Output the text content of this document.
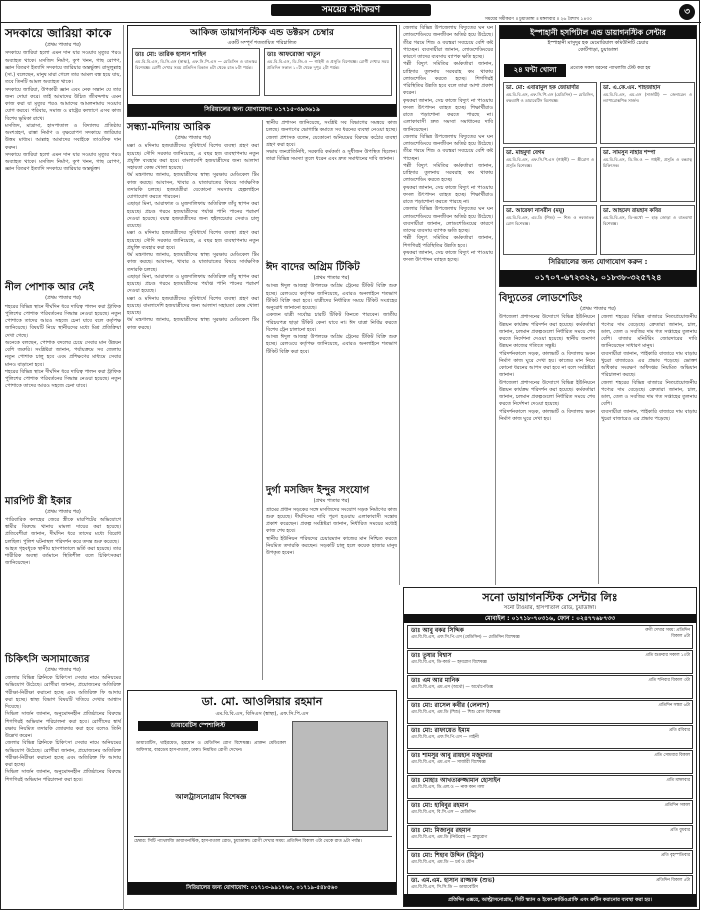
সময়ের সমীকরণ
সময়ের সমীকরণ ॥ চুয়াডাঙ্গা ॥ মঙ্গলবার ॥ ২৬ বৈশাখ ১৪৩০
৩
সদকায়ে জারিয়া কাকে
(প্রথম পাতার পর)
সদকায়ে জারিয়া হলো এমন দান যার সওয়াব মৃত্যুর পরও অব্যাহত থাকে। মসজিদ নির্মাণ, কূপ খনন, গাছ রোপণ, জ্ঞান বিতরণ ইত্যাদি সদকায়ে জারিয়ার অন্তর্ভুক্ত। রাসুলুল্লাহ (সা.) বলেছেন, মানুষ মারা গেলে তার আমল বন্ধ হয়ে যায়, তবে তিনটি আমল অব্যাহত থাকে।
সদকায়ে জারিয়া, উপকারী জ্ঞান এবং নেক সন্তান যে তার জন্য দোয়া করে। তাই আমাদের উচিত জীবদ্দশায় এমন কাজ করা যা মৃত্যুর পরও আমাদের আমলনামায় সওয়াব যোগ করবে। পরিবার, সমাজ ও রাষ্ট্রের কল্যাণে এসব কাজ বিশেষ ভূমিকা রাখে।
মসজিদ, মাদ্রাসা, হাসপাতাল ও বিদ্যালয় প্রতিষ্ঠায় অংশগ্রহণ, রাস্তা নির্মাণ ও বৃক্ষরোপণ সদকায়ে জারিয়ার উত্তম মাধ্যম। আল্লাহ আমাদের সবাইকে তাওফিক দান করুন।
সদকায়ে জারিয়া হলো এমন দান যার সওয়াব মৃত্যুর পরও অব্যাহত থাকে। মসজিদ নির্মাণ, কূপ খনন, গাছ রোপণ, জ্ঞান বিতরণ ইত্যাদি সদকায়ে জারিয়ার অন্তর্ভুক্ত।
নীল পোশাক আর নেই
(প্রথম পাতার পর)
শহরের বিভিন্ন স্থানে দীর্ঘদিন ধরে দায়িত্ব পালন করা ট্রাফিক পুলিশের পোশাক পরিবর্তনের সিদ্ধান্ত নেওয়া হয়েছে। নতুন পোশাকে তাদের আরও সহজে চেনা যাবে বলে কর্তৃপক্ষ জানিয়েছে। বিষয়টি নিয়ে স্থানীয়দের মধ্যে মিশ্র প্রতিক্রিয়া দেখা গেছে।
অনেকে বলছেন, পোশাক বদলের চেয়ে সেবার মান উন্নয়ন বেশি জরুরি। সংশ্লিষ্টরা জানান, পর্যায়ক্রমে সব জেলায় নতুন পোশাক চালু হবে এবং প্রশিক্ষণের মাধ্যমে সেবার মানও বাড়ানো হবে।
শহরের বিভিন্ন স্থানে দীর্ঘদিন ধরে দায়িত্ব পালন করা ট্রাফিক পুলিশের পোশাক পরিবর্তনের সিদ্ধান্ত নেওয়া হয়েছে। নতুন পোশাকে তাদের আরও সহজে চেনা যাবে।
মারপিট স্ত্রী ইকার
(প্রথম পাতার পর)
পারিবারিক কলহের জেরে স্ত্রীকে মারপিটের অভিযোগে স্বামীর বিরুদ্ধে থানায় মামলা দায়ের করা হয়েছে। প্রতিবেশীরা জানান, দীর্ঘদিন ধরে তাদের মধ্যে বিরোধ চলছিল। পুলিশ ঘটনাস্থল পরিদর্শন করে তদন্ত শুরু করেছে।
আহত গৃহবধূকে স্থানীয় হাসপাতালে ভর্তি করা হয়েছে। তার শারীরিক অবস্থা বর্তমানে স্থিতিশীল বলে চিকিৎসকরা জানিয়েছেন।
চিকিৎসি অসামাজ্যের
(প্রথম পাতার পর)
জেলার বিভিন্ন ক্লিনিকে চিকিৎসা সেবার নামে অনিয়মের অভিযোগ উঠেছে। রোগীরা জানান, প্রয়োজনের অতিরিক্ত পরীক্ষা-নিরীক্ষা করানো হচ্ছে এবং অতিরিক্ত ফি আদায় করা হচ্ছে। স্বাস্থ্য বিভাগ বিষয়টি খতিয়ে দেখার আশ্বাস দিয়েছে।
সিভিল সার্জন জানান, অনুমোদনহীন প্রতিষ্ঠানের বিরুদ্ধে শিগগিরই অভিযান পরিচালনা করা হবে। রোগীদের স্বার্থ রক্ষায় নিয়মিত তদারকি জোরদার করা হবে বলেও তিনি উল্লেখ করেন।
জেলার বিভিন্ন ক্লিনিকে চিকিৎসা সেবার নামে অনিয়মের অভিযোগ উঠেছে। রোগীরা জানান, প্রয়োজনের অতিরিক্ত পরীক্ষা-নিরীক্ষা করানো হচ্ছে এবং অতিরিক্ত ফি আদায় করা হচ্ছে।
সিভিল সার্জন জানান, অনুমোদনহীন প্রতিষ্ঠানের বিরুদ্ধে শিগগিরই অভিযান পরিচালনা করা হবে।
আকিজ ডায়াগনস্টিক এন্ড ডক্টরস চেম্বার
একটি সম্পূর্ণ শততায়িত পরিচালিত
ডাঃ মো: তারিক হাসান শাহিন
এম.বি.বি.এস, বি.সি.এস (স্বাস্থ্য), এফ.সি.পি.এস — মেডিসিন ও বাতজ্বর বিশেষজ্ঞ। রোগী দেখার সময় প্রতিদিন বিকাল ৪টা থেকে রাত ৮টা পর্যন্ত।
ডাঃ আফরোজা খাতুন
এম.বি.বি.এস, ডি.জি.ও — গাইনী ও প্রসূতি বিশেষজ্ঞ। রোগী দেখার সময় প্রতিদিন সকাল ১০টা থেকে দুপুর ২টা পর্যন্ত।
সিরিয়ালের জন্য যোগাযোগ: ০১৭১৫-৩৯৩৬১৯
সন্ধ্যা-মদিনায় আরিক
(প্রথম পাতার পর)
মক্কা ও মদিনায় হজযাত্রীদের সুবিধার্থে বিশেষ ব্যবস্থা গ্রহণ করা হয়েছে। সৌদি সরকার জানিয়েছে, এ বছর হজ ব্যবস্থাপনায় নতুন প্রযুক্তি ব্যবহার করা হবে। বাংলাদেশি হজযাত্রীদের জন্য আলাদা সহায়তা কেন্দ্র খোলা হয়েছে।
ধর্ম মন্ত্রণালয় জানায়, হজযাত্রীদের স্বাস্থ্য সুরক্ষায় মেডিকেল টিম কাজ করছে। আবাসন, খাবার ও যাতায়াতের বিষয়ে সার্বক্ষণিক তদারকি চলছে। হজযাত্রীরা যেকোনো সমস্যায় হেল্পলাইনে যোগাযোগ করতে পারবেন।
এছাড়া মিনা, আরাফাত ও মুজদালিফায় অতিরিক্ত তাঁবু স্থাপন করা হয়েছে। প্রচণ্ড গরমে হজযাত্রীদের পর্যাপ্ত পানি পানের পরামর্শ দেওয়া হয়েছে। বয়স্ক হজযাত্রীদের জন্য হুইলচেয়ার সেবাও চালু রয়েছে।
মক্কা ও মদিনায় হজযাত্রীদের সুবিধার্থে বিশেষ ব্যবস্থা গ্রহণ করা হয়েছে। সৌদি সরকার জানিয়েছে, এ বছর হজ ব্যবস্থাপনায় নতুন প্রযুক্তি ব্যবহার করা হবে।
ধর্ম মন্ত্রণালয় জানায়, হজযাত্রীদের স্বাস্থ্য সুরক্ষায় মেডিকেল টিম কাজ করছে। আবাসন, খাবার ও যাতায়াতের বিষয়ে সার্বক্ষণিক তদারকি চলছে।
এছাড়া মিনা, আরাফাত ও মুজদালিফায় অতিরিক্ত তাঁবু স্থাপন করা হয়েছে। প্রচণ্ড গরমে হজযাত্রীদের পর্যাপ্ত পানি পানের পরামর্শ দেওয়া হয়েছে।
মক্কা ও মদিনায় হজযাত্রীদের সুবিধার্থে বিশেষ ব্যবস্থা গ্রহণ করা হয়েছে। বাংলাদেশি হজযাত্রীদের জন্য আলাদা সহায়তা কেন্দ্র খোলা হয়েছে।
ধর্ম মন্ত্রণালয় জানায়, হজযাত্রীদের স্বাস্থ্য সুরক্ষায় মেডিকেল টিম কাজ করছে।
স্থানীয় প্রশাসন জানিয়েছে, সংশ্লিষ্ট সব বিভাগের সমন্বয়ে কাজ চলছে। জনগণের ভোগান্তি কমাতে সব ধরনের ব্যবস্থা নেওয়া হচ্ছে। জেলা প্রশাসক বলেন, যেকোনো অনিয়মের বিরুদ্ধে কঠোর ব্যবস্থা গ্রহণ করা হবে।
সভায় জনপ্রতিনিধি, সরকারি কর্মকর্তা ও সুধীজন উপস্থিত ছিলেন। তারা বিভিন্ন সমস্যা তুলে ধরেন এবং দ্রুত সমাধানের দাবি জানান।
ঈদ বাদের অগ্রিম টিকিট
(প্রথম পাতার পর)
আসন্ন ঈদুল আজহা উপলক্ষে অগ্রিম ট্রেনের টিকিট বিক্রি শুরু হচ্ছে। রেলওয়ে কর্তৃপক্ষ জানিয়েছে, এবারও অনলাইনে শতভাগ টিকিট বিক্রি করা হবে। যাত্রীদের নির্ধারিত সময়ে টিকিট সংগ্রহের অনুরোধ জানানো হয়েছে।
একজন যাত্রী সর্বোচ্চ চারটি টিকিট কিনতে পারবেন। জাতীয় পরিচয়পত্র ছাড়া টিকিট কেনা যাবে না। ঈদ যাত্রা নির্বিঘ্ন করতে বিশেষ ট্রেন চালানো হবে।
আসন্ন ঈদুল আজহা উপলক্ষে অগ্রিম ট্রেনের টিকিট বিক্রি শুরু হচ্ছে। রেলওয়ে কর্তৃপক্ষ জানিয়েছে, এবারও অনলাইনে শতভাগ টিকিট বিক্রি করা হবে।
দুর্গা মসজিদ ইন্দুর সংযোগ
(প্রথম পাতার পর)
গ্রামের প্রধান সড়কের সঙ্গে মসজিদের সংযোগ সড়ক নির্মাণের কাজ শুরু হয়েছে। দীর্ঘদিনের দাবি পূরণ হওয়ায় এলাকাবাসী সন্তোষ প্রকাশ করেছেন। প্রকল্প সংশ্লিষ্টরা জানান, নির্ধারিত সময়ের মধ্যেই কাজ শেষ হবে।
স্থানীয় ইউনিয়ন পরিষদের চেয়ারম্যান কাজের মান নিশ্চিত করতে নিয়মিত তদারকি করছেন। সড়কটি চালু হলে কয়েক হাজার মানুষ উপকৃত হবেন।
ডা. মো. আওলিয়ার রহমান
এম.বি.বি.এস, বিসিএস (স্বাস্থ্য), এফ.সি.পি.এস
ডায়াবেটিস স্পেশালিস্ট
ডায়াবেটিস, থাইরয়েড, হরমোন ও মেডিসিন রোগ বিশেষজ্ঞ। প্রাক্তন মেডিকেল অফিসার, বারডেম হাসপাতাল, ঢাকা। নিয়মিত রোগী দেখেন।
আলট্রাসনোগ্রাম বিশেষজ্ঞ
চেম্বার: সিটি প্যাথলজি ডায়াগনস্টিক, হাসপাতাল রোড, চুয়াডাঙ্গা। রোগী দেখার সময়: প্রতিদিন বিকাল ৩টা থেকে রাত ৯টা পর্যন্ত।
সিরিয়ালের জন্য যোগাযোগ: ০১৭১৩-৯৯১৭৬৩, ০১৭১৯-৫৪৮৫৬০
জেলার বিভিন্ন উপজেলায় বিদ্যুতের ঘন ঘন লোডশেডিংয়ে জনজীবন অতিষ্ঠ হয়ে উঠেছে। তীব্র গরমে শিশু ও বয়স্করা সবচেয়ে বেশি কষ্ট পাচ্ছেন। ব্যবসায়ীরা জানান, লোডশেডিংয়ের কারণে তাদের ব্যবসায় ব্যাপক ক্ষতি হচ্ছে।
পল্লী বিদ্যুৎ সমিতির কর্মকর্তারা জানান, চাহিদার তুলনায় সরবরাহ কম থাকায় লোডশেডিং করতে হচ্ছে। শিগগিরই পরিস্থিতির উন্নতি হবে বলে তারা আশা প্রকাশ করেন।
কৃষকরা জানান, সেচ কাজে বিদ্যুৎ না পাওয়ায় ফসল উৎপাদন ব্যাহত হচ্ছে। শিক্ষার্থীরাও রাতে পড়াশোনা করতে পারছে না। এলাকাবাসী দ্রুত সমস্যা সমাধানের দাবি জানিয়েছেন।
জেলার বিভিন্ন উপজেলায় বিদ্যুতের ঘন ঘন লোডশেডিংয়ে জনজীবন অতিষ্ঠ হয়ে উঠেছে। তীব্র গরমে শিশু ও বয়স্করা সবচেয়ে বেশি কষ্ট পাচ্ছেন।
পল্লী বিদ্যুৎ সমিতির কর্মকর্তারা জানান, চাহিদার তুলনায় সরবরাহ কম থাকায় লোডশেডিং করতে হচ্ছে।
কৃষকরা জানান, সেচ কাজে বিদ্যুৎ না পাওয়ায় ফসল উৎপাদন ব্যাহত হচ্ছে। শিক্ষার্থীরাও রাতে পড়াশোনা করতে পারছে না।
জেলার বিভিন্ন উপজেলায় বিদ্যুতের ঘন ঘন লোডশেডিংয়ে জনজীবন অতিষ্ঠ হয়ে উঠেছে। ব্যবসায়ীরা জানান, লোডশেডিংয়ের কারণে তাদের ব্যবসায় ব্যাপক ক্ষতি হচ্ছে।
পল্লী বিদ্যুৎ সমিতির কর্মকর্তারা জানান, শিগগিরই পরিস্থিতির উন্নতি হবে।
কৃষকরা জানান, সেচ কাজে বিদ্যুৎ না পাওয়ায় ফসল উৎপাদন ব্যাহত হচ্ছে।
ইস্পাহানী হসপিটাল এন্ড ডায়াগনস্টিক সেন্টার
ইস্পাহানী মাসুদুর হক মেমোরিয়াল কমিউনিটি চেয়ার
কোর্টপাড়া, চুয়াডাঙ্গা
২৪ ঘণ্টা খোলা	প্রত্যেক সকল ধরনের প্যাথলজি টেস্ট করা হয়
ডা. মো: এবারামুল হক জোয়ার্দার
এম.বি.বি.এস, এফ.সি.পি.এস (মেডিসিন) — মেডিসিন, বক্ষব্যাধি ও ডায়াবেটিস বিশেষজ্ঞ।
ডা. এ.কে.এম. শাহজাহান
এম.বি.বি.এস, এম.এস (সার্জারী) — জেনারেল ও ল্যাপারোস্কপিক সার্জন।
ডা. মাহমুদা বেগম
এম.বি.বি.এস, এফ.সি.পি.এস (গাইনী) — স্ত্রীরোগ ও প্রসূতি বিশেষজ্ঞ।
ডা. সামসুন নাহার শম্পা
এম.বি.বি.এস, ডি.জি.ও — গাইনী, প্রসূতি ও বন্ধ্যাত্ব চিকিৎসক।
ডা. আরেফা নাসরীন (ময়ূ)
এম.বি.বি.এস, এম.ডি (শিশু) — শিশু ও নবজাতক রোগ বিশেষজ্ঞ।
ডা. আহমেদ রায়হান কবির
এম.বি.বি.এস, ডি-অর্থো — হাড় জোড়া ও বাতব্যথা বিশেষজ্ঞ।
সিরিয়ালের জন্য যোগাযোগ করুন :
০১৭০৭-৬৭২৩২২, ০১৮৩৮-৩২৫৭২৪
বিদ্যুতের লোডশেডিং
(প্রথম পাতার পর)
উপজেলা প্রশাসনের উদ্যোগে বিভিন্ন ইউনিয়নে উন্নয়ন কার্যক্রম পরিদর্শন করা হয়েছে। কর্মকর্তারা জানান, চলমান প্রকল্পগুলো নির্ধারিত সময়ে শেষ করতে নির্দেশনা দেওয়া হয়েছে। স্থানীয় জনগণ উন্নয়ন কাজের গতিতে সন্তুষ্ট।
পরিদর্শনকালে সড়ক, কালভার্ট ও বিদ্যালয় ভবন নির্মাণ কাজ ঘুরে দেখা হয়। কাজের মান নিয়ে কোনো ধরনের আপস করা হবে না বলে সংশ্লিষ্টরা জানান।
উপজেলা প্রশাসনের উদ্যোগে বিভিন্ন ইউনিয়নে উন্নয়ন কার্যক্রম পরিদর্শন করা হয়েছে। কর্মকর্তারা জানান, চলমান প্রকল্পগুলো নির্ধারিত সময়ে শেষ করতে নির্দেশনা দেওয়া হয়েছে।
পরিদর্শনকালে সড়ক, কালভার্ট ও বিদ্যালয় ভবন নির্মাণ কাজ ঘুরে দেখা হয়।
জেলা শহরের বিভিন্ন বাজারে নিত্যপ্রয়োজনীয় পণ্যের দাম বেড়েছে। ক্রেতারা জানান, চাল, ডাল, তেল ও সবজির দাম গত সপ্তাহের তুলনায় বেশি। বাজার মনিটরিং জোরদারের দাবি জানিয়েছেন সাধারণ মানুষ।
ব্যবসায়ীরা জানান, পাইকারি বাজারে দাম বাড়ায় খুচরা বাজারেও এর প্রভাব পড়েছে। ভোক্তা অধিকার সংরক্ষণ অধিদপ্তর নিয়মিত অভিযান পরিচালনা করছে।
জেলা শহরের বিভিন্ন বাজারে নিত্যপ্রয়োজনীয় পণ্যের দাম বেড়েছে। ক্রেতারা জানান, চাল, ডাল, তেল ও সবজির দাম গত সপ্তাহের তুলনায় বেশি।
ব্যবসায়ীরা জানান, পাইকারি বাজারে দাম বাড়ায় খুচরা বাজারেও এর প্রভাব পড়েছে।
সনো ডায়াগনস্টিক সেন্টার লিঃ
সনো টাওয়ার, হাসপাতাল রোড, চুয়াডাঙ্গা।
মোবাইল : ০১৭১৮-৭০৩১৬, ফোন : ০২৪৭৭৬৮৭৩৩
ডাঃ আবু বকর সিদ্দিক
এম.বি.বি.এস, এফ.সি.পি.এস (মেডিসিন) — মেডিসিন বিশেষজ্ঞ
রুগী দেখার সময়: প্রতিদিন বিকাল ৪টা
ডাঃ তুষার বিশ্বাস
এম.বি.বি.এস, ডি-কার্ড — হৃদরোগ বিশেষজ্ঞ
প্রতি শুক্রবার সকাল ১০টা
ডাঃ এম আর মানিক
এম.বি.বি.এস, এম.এস (অর্থো) — অর্থোপেডিক্স
প্রতি শনিবার বিকাল ৩টা
ডাঃ মো: রাসেল কবীর (লেলাশ)
এম.বি.বি.এস, এম.ডি (শিশু) — শিশু রোগ বিশেষজ্ঞ
প্রতিদিন সন্ধ্যা ৬টা
ডাঃ মো: রাফায়েত ইমাম
এম.বি.বি.এস, এফ.সি.পি.এস — গাইনী
প্রতি রবিবার
ডাঃ শামসুর আবু রায়হান মজুমদার
এম.বি.বি.এস, এম.এস — সার্জারী বিশেষজ্ঞ
প্রতি সোমবার বিকাল
ডাঃ মোহাঃ আখতারুজ্জামান হোসাইন
এম.বি.বি.এস, ডি.এল.ও — নাক কান গলা
প্রতি মঙ্গলবার
ডাঃ মো: হাবিবুর রহমান
এম.বি.বি.এস, বি.সি.এস — মেডিসিন
প্রতিদিন সকাল
ডাঃ মো: মিজানুর রহমান
এম.বি.বি.এস, এম.ডি (নিউরো) — স্নায়ুরোগ
প্রতি বুধবার
ডাঃ মো: শিহাব উদ্দিন (মিঠুন)
এম.বি.বি.এস, এম.ডি — চর্ম ও যৌন
প্রতি বৃহস্পতিবার
ডা. এম.এম. হাসান রাজ্জাক (শুভ)
এম.বি.বি.এস, সি.সি.ডি — ডায়াবেটিস
প্রতিদিন বিকাল ৫টা
প্রতিদিন এক্সরে, আল্ট্রাসনোগ্রাম, সিটি স্ক্যান ও ইকো-কার্ডিওগ্রাফি এবং রুটিন করানোর ব্যবস্থা করা হয়।
